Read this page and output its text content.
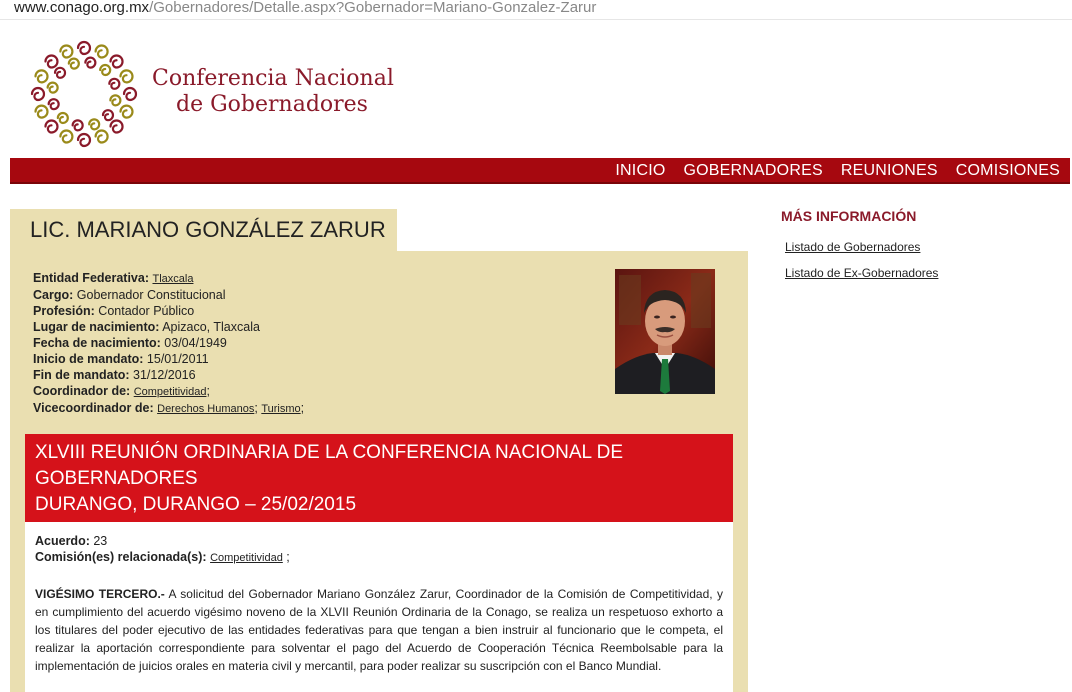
www.conago.org.mx/Gobernadores/Detalle.aspx?Gobernador=Mariano-Gonzalez-Zarur
Conferencia Nacional
de Gobernadores
INICIO GOBERNADORES REUNIONES COMISIONES
LIC. MARIANO GONZÁLEZ ZARUR
Entidad Federativa: Tlaxcala
Cargo: Gobernador Constitucional
Profesión: Contador Público
Lugar de nacimiento: Apizaco, Tlaxcala
Fecha de nacimiento: 03/04/1949
Inicio de mandato: 15/01/2011
Fin de mandato: 31/12/2016
Coordinador de: Competitividad;
Vicecoordinador de: Derechos Humanos; Turismo;
XLVIII REUNIÓN ORDINARIA DE LA CONFERENCIA NACIONAL DE
GOBERNADORES
DURANGO, DURANGO – 25/02/2015
Acuerdo: 23
Comisión(es) relacionada(s): Competitividad ;
VIGÉSIMO TERCERO.- A solicitud del Gobernador Mariano González Zarur, Coordinador de la Comisión de Competitividad, y en cumplimiento del acuerdo vigésimo noveno de la XLVII Reunión Ordinaria de la Conago, se realiza un respetuoso exhorto a los titulares del poder ejecutivo de las entidades federativas para que tengan a bien instruir al funcionario que le competa, el realizar la aportación correspondiente para solventar el pago del Acuerdo de Cooperación Técnica Reembolsable para la implementación de juicios orales en materia civil y mercantil, para poder realizar su suscripción con el Banco Mundial.
MÁS INFORMACIÓN
Listado de Gobernadores
Listado de Ex-Gobernadores
